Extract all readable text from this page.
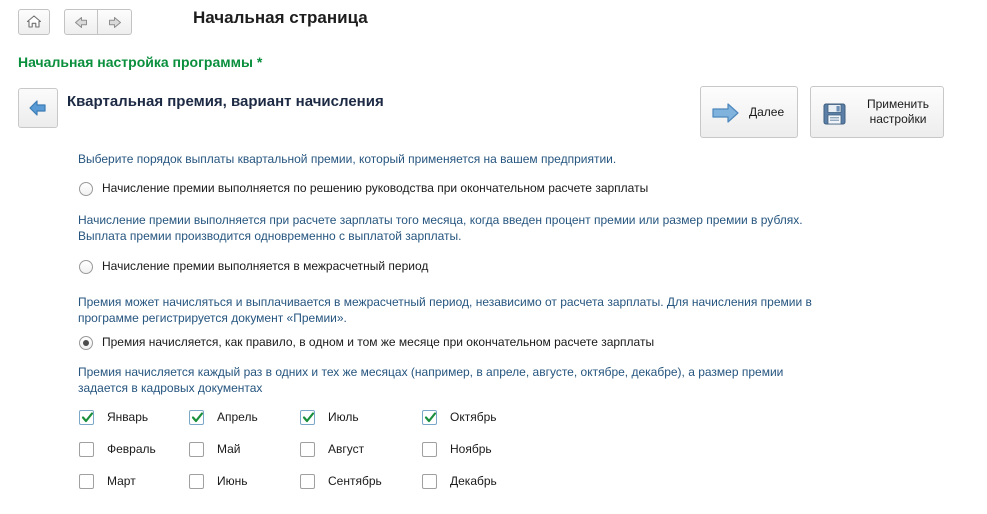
Начальная страница
Начальная настройка программы *
Квартальная премия, вариант начисления
Далее
Применить настройки
Выберите порядок выплаты квартальной премии, который применяется на вашем предприятии.
Начисление премии выполняется по решению руководства при окончательном расчете зарплаты
Начисление премии выполняется при расчете зарплаты того месяца, когда введен процент премии или размер премии в рублях. Выплата премии производится одновременно с выплатой зарплаты.
Начисление премии выполняется в межрасчетный период
Премия может начисляться и выплачивается в межрасчетный период, независимо от расчета зарплаты. Для начисления премии в программе регистрируется документ «Премии».
Премия начисляется, как правило, в одном и том же месяце при окончательном расчете зарплаты
Премия начисляется каждый раз в одних и тех же месяцах (например, в апреле, августе, октябре, декабре), а размер премии задается в кадровых документах
Январь
Февраль
Март
Апрель
Май
Июнь
Июль
Август
Сентябрь
Октябрь
Ноябрь
Декабрь
